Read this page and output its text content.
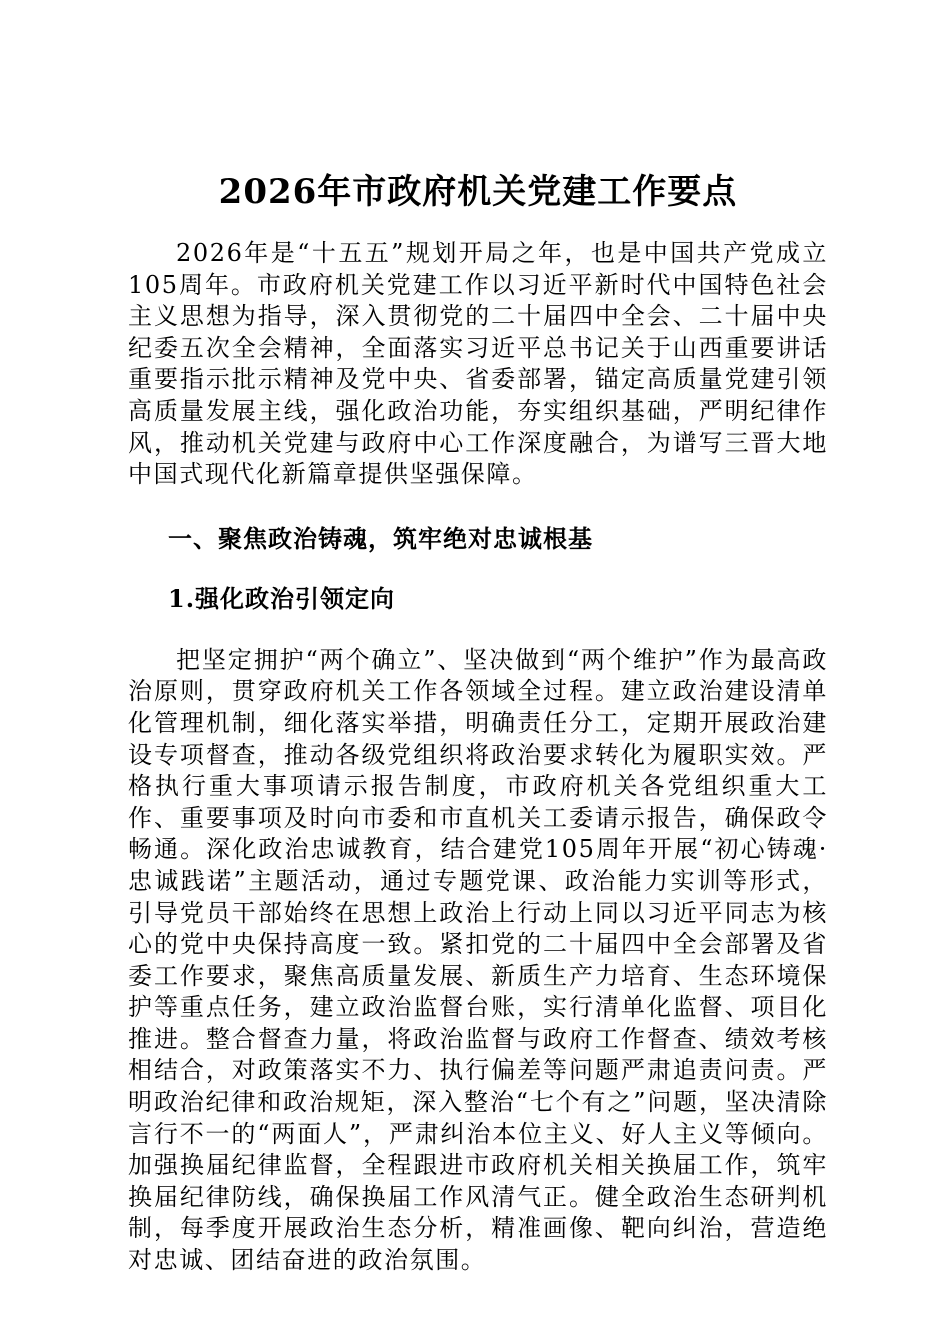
2026年市政府机关党建工作要点

2026年是“十五五”规划开局之年，也是中国共产党成立105周年。市政府机关党建工作以习近平新时代中国特色社会主义思想为指导，深入贯彻党的二十届四中全会、二十届中央纪委五次全会精神，全面落实习近平总书记关于山西重要讲话重要指示批示精神及党中央、省委部署，锚定高质量党建引领高质量发展主线，强化政治功能，夯实组织基础，严明纪律作风，推动机关党建与政府中心工作深度融合，为谱写三晋大地中国式现代化新篇章提供坚强保障。

一、聚焦政治铸魂，筑牢绝对忠诚根基
1.强化政治引领定向

把坚定拥护“两个确立”、坚决做到“两个维护”作为最高政治原则，贯穿政府机关工作各领域全过程。建立政治建设清单化管理机制，细化落实举措，明确责任分工，定期开展政治建设专项督查，推动各级党组织将政治要求转化为履职实效。严格执行重大事项请示报告制度，市政府机关各党组织重大工作、重要事项及时向市委和市直机关工委请示报告，确保政令畅通。深化政治忠诚教育，结合建党105周年开展“初心铸魂·忠诚践诺”主题活动，通过专题党课、政治能力实训等形式，引导党员干部始终在思想上政治上行动上同以习近平同志为核心的党中央保持高度一致。紧扣党的二十届四中全会部署及省委工作要求，聚焦高质量发展、新质生产力培育、生态环境保护等重点任务，建立政治监督台账，实行清单化监督、项目化推进。整合督查力量，将政治监督与政府工作督查、绩效考核相结合，对政策落实不力、执行偏差等问题严肃追责问责。严明政治纪律和政治规矩，深入整治“七个有之”问题，坚决清除言行不一的“两面人”，严肃纠治本位主义、好人主义等倾向。加强换届纪律监督，全程跟进市政府机关相关换届工作，筑牢换届纪律防线，确保换届工作风清气正。健全政治生态研判机制，每季度开展政治生态分析，精准画像、靶向纠治，营造绝对忠诚、团结奋进的政治氛围。
